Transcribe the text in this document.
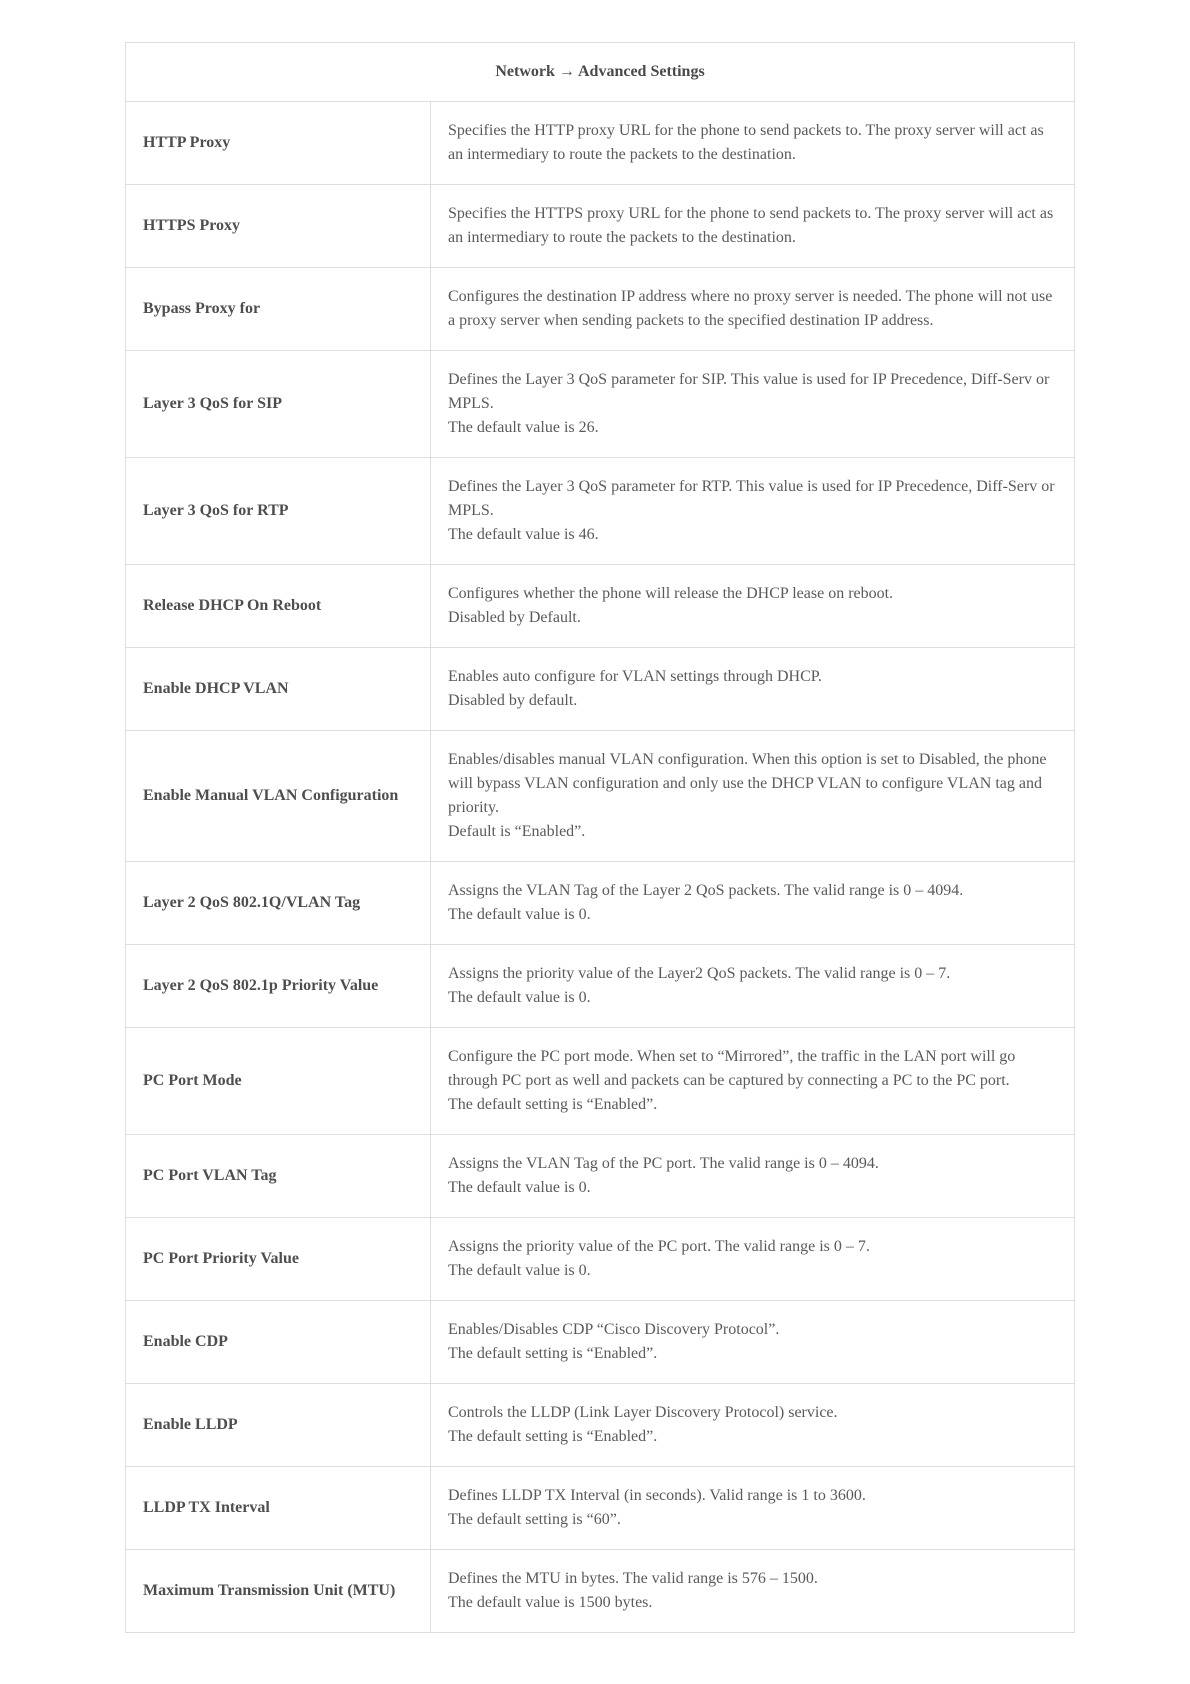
Network → Advanced Settings	
HTTP Proxy	Specifies the HTTP proxy URL for the phone to send packets to. The proxy server will act as an intermediary to route the packets to the destination.

HTTPS Proxy	Specifies the HTTPS proxy URL for the phone to send packets to. The proxy server will act as an intermediary to route the packets to the destination.

Bypass Proxy for	Configures the destination IP address where no proxy server is needed. The phone will not use a proxy server when sending packets to the specified destination IP address.

Layer 3 QoS for SIP	Defines the Layer 3 QoS parameter for SIP. This value is used for IP Precedence, Diff-Serv or MPLS.
The default value is 26.

Layer 3 QoS for RTP	Defines the Layer 3 QoS parameter for RTP. This value is used for IP Precedence, Diff-Serv or MPLS.
The default value is 46.

Release DHCP On Reboot	Configures whether the phone will release the DHCP lease on reboot.
Disabled by Default.

Enable DHCP VLAN	Enables auto configure for VLAN settings through DHCP.
Disabled by default.

Enable Manual VLAN Configuration	Enables/disables manual VLAN configuration. When this option is set to Disabled, the phone will bypass VLAN configuration and only use the DHCP VLAN to configure VLAN tag and priority.
Default is “Enabled”.

Layer 2 QoS 802.1Q/VLAN Tag	Assigns the VLAN Tag of the Layer 2 QoS packets. The valid range is 0 – 4094.
The default value is 0.

Layer 2 QoS 802.1p Priority Value	Assigns the priority value of the Layer2 QoS packets. The valid range is 0 – 7.
The default value is 0.

PC Port Mode	Configure the PC port mode. When set to “Mirrored”, the traffic in the LAN port will go through PC port as well and packets can be captured by connecting a PC to the PC port.
The default setting is “Enabled”.

PC Port VLAN Tag	Assigns the VLAN Tag of the PC port. The valid range is 0 – 4094.
The default value is 0.

PC Port Priority Value	Assigns the priority value of the PC port. The valid range is 0 – 7.
The default value is 0.

Enable CDP	Enables/Disables CDP “Cisco Discovery Protocol”.
The default setting is “Enabled”.

Enable LLDP	Controls the LLDP (Link Layer Discovery Protocol) service.
The default setting is “Enabled”.

LLDP TX Interval	Defines LLDP TX Interval (in seconds). Valid range is 1 to 3600.
The default setting is “60”.

Maximum Transmission Unit (MTU)	Defines the MTU in bytes. The valid range is 576 – 1500.
The default value is 1500 bytes.
